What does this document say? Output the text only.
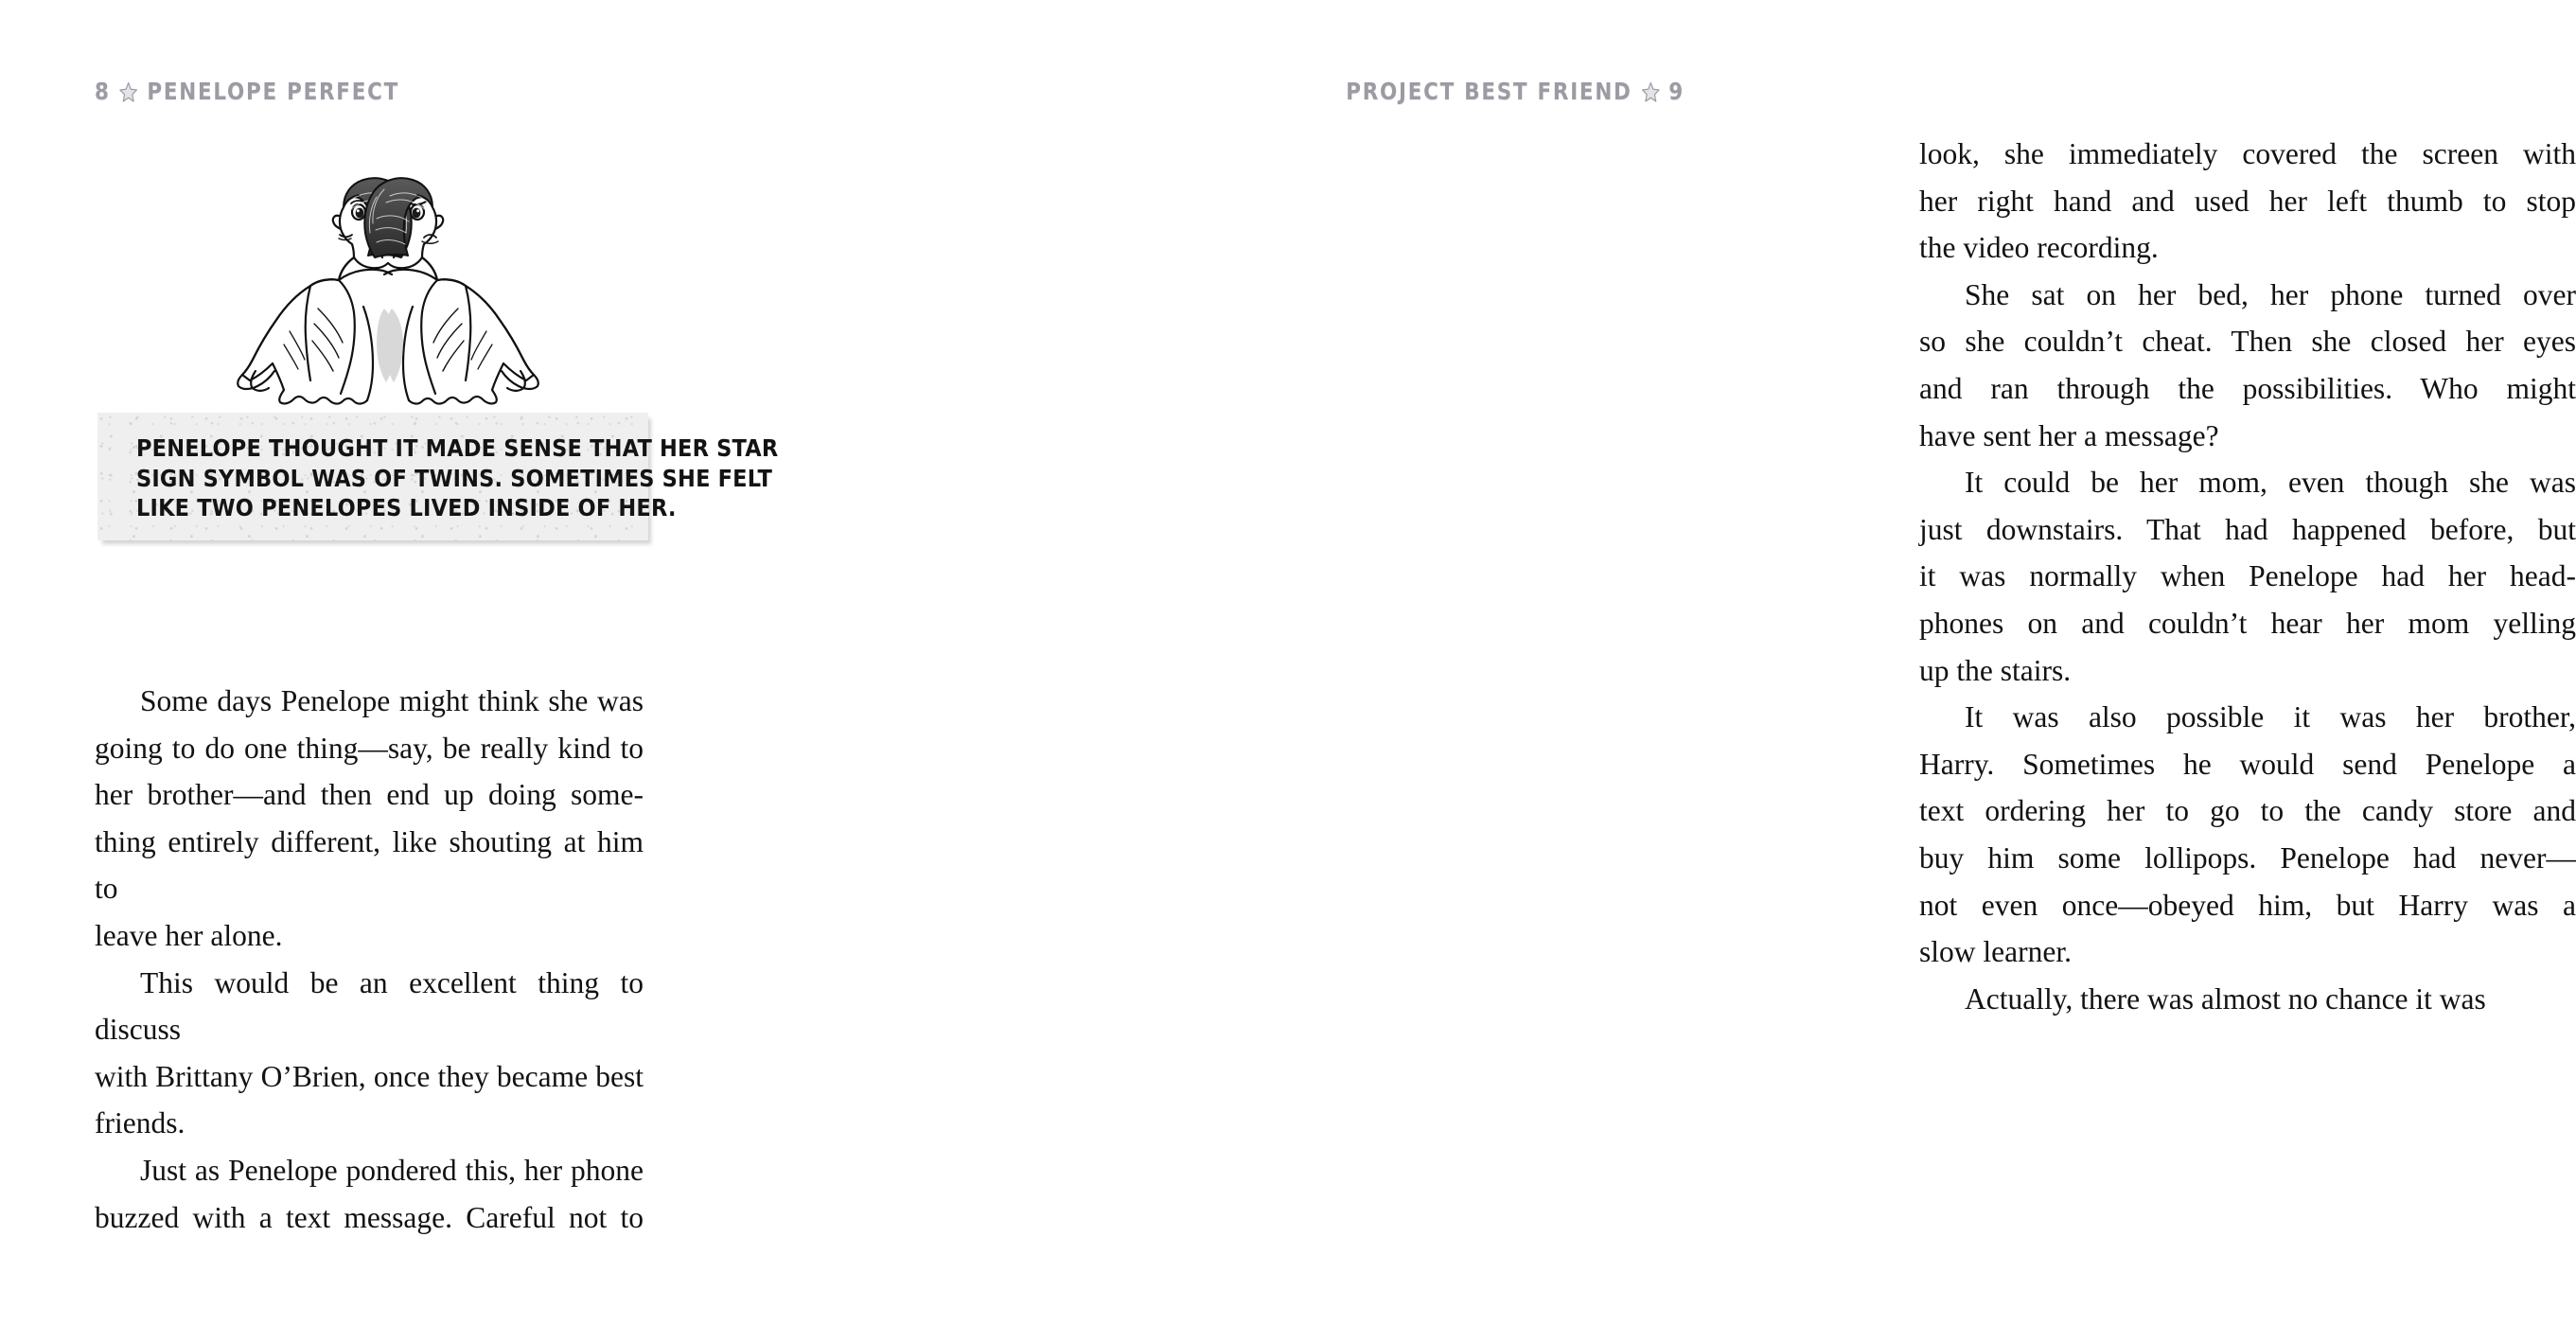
8 PENELOPE PERFECT
PENELOPE THOUGHT IT MADE SENSE THAT HER STAR
SIGN SYMBOL WAS OF TWINS. SOMETIMES SHE FELT
LIKE TWO PENELOPES LIVED INSIDE OF HER.

Some days Penelope might think she was
going to do one thing—say, be really kind to
her brother—and then end up doing some-
thing entirely different, like shouting at him to
leave her alone.

This would be an excellent thing to discuss
with Brittany O’Brien, once they became best
friends.

Just as Penelope pondered this, her phone
buzzed with a text message. Careful not to

PROJECT BEST FRIEND 9

look, she immediately covered the screen with
her right hand and used her left thumb to stop
the video recording.

She sat on her bed, her phone turned over
so she couldn’t cheat. Then she closed her eyes
and ran through the possibilities. Who might
have sent her a message?

It could be her mom, even though she was
just downstairs. That had happened before, but
it was normally when Penelope had her head-
phones on and couldn’t hear her mom yelling
up the stairs.

It was also possible it was her brother,
Harry. Sometimes he would send Penelope a
text ordering her to go to the candy store and
buy him some lollipops. Penelope had never—
not even once—obeyed him, but Harry was a
slow learner.

Actually, there was almost no chance it was
